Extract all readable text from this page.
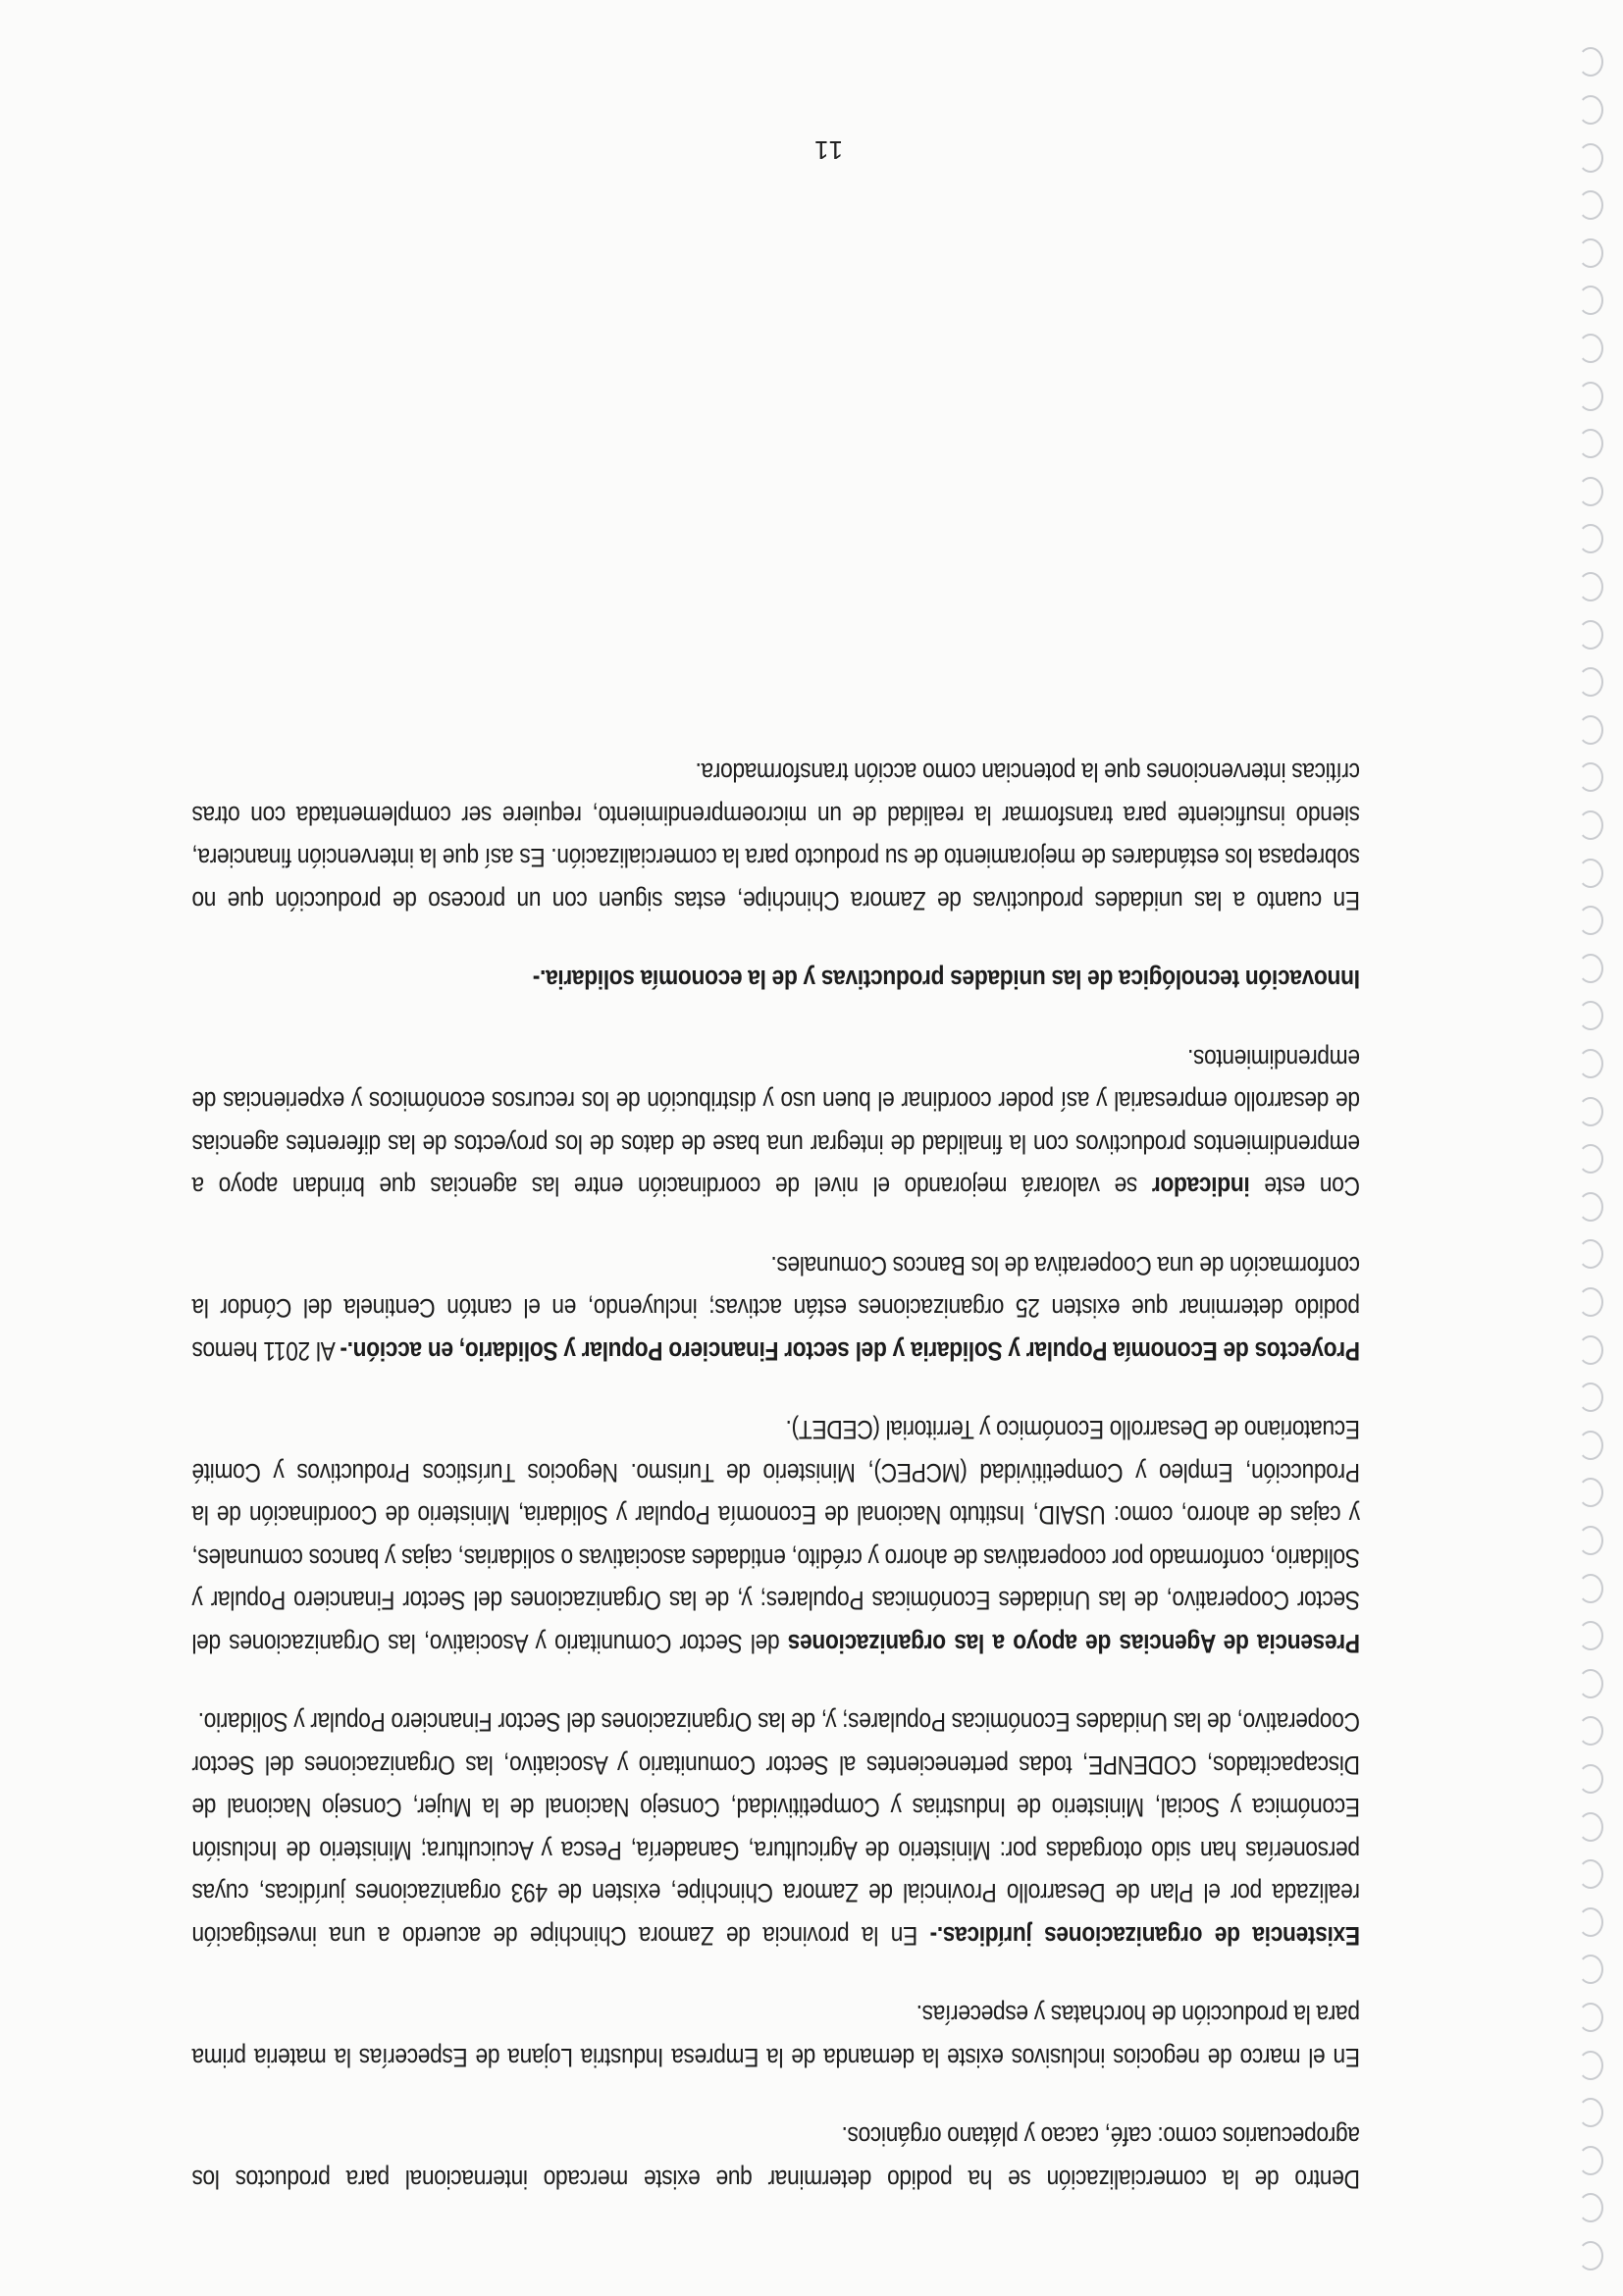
Dentro de la comercialización se ha podido determinar que existe mercado internacional para productos los agropecuarios como: café, cacao y plátano orgánicos.

En el marco de negocios inclusivos existe la demanda de la Empresa Industria Lojana de Especerías la materia prima para la producción de horchatas y especerías.

Existencia de organizaciones jurídicas.- En la provincia de Zamora Chinchipe de acuerdo a una investigación realizada por el Plan de Desarrollo Provincial de Zamora Chinchipe, existen de 493 organizaciones jurídicas, cuyas personerías han sido otorgadas por: Ministerio de Agricultura, Ganadería, Pesca y Acuicultura; Ministerio de Inclusión Económica y Social, Ministerio de Industrias y Competitividad, Consejo Nacional de la Mujer, Consejo Nacional de Discapacitados, CODENPE, todas pertenecientes al Sector Comunitario y Asociativo, las Organizaciones del Sector Cooperativo, de las Unidades Económicas Populares; y, de las Organizaciones del Sector Financiero Popular y Solidario.

Presencia de Agencias de apoyo a las organizaciones del Sector Comunitario y Asociativo, las Organizaciones del Sector Cooperativo, de las Unidades Económicas Populares; y, de las Organizaciones del Sector Financiero Popular y Solidario, conformado por cooperativas de ahorro y crédito, entidades asociativas o solidarias, cajas y bancos comunales, y cajas de ahorro, como: USAID, Instituto Nacional de Economía Popular y Solidaria, Ministerio de Coordinación de la Producción, Empleo y Competitividad (MCPEC), Ministerio de Turismo. Negocios Turísticos Productivos y Comité Ecuatoriano de Desarrollo Económico y Territorial (CEDET).

Proyectos de Economía Popular y Solidaria y del sector Financiero Popular y Solidario, en acción.- Al 2011 hemos podido determinar que existen 25 organizaciones están activas; incluyendo, en el cantón Centinela del Cóndor la conformación de una Cooperativa de los Bancos Comunales.

Con este indicador se valorará mejorando el nivel de coordinación entre las agencias que brindan apoyo a emprendimientos productivos con la finalidad de integrar una base de datos de los proyectos de las diferentes agencias de desarrollo empresarial y así poder coordinar el buen uso y distribución de los recursos económicos y experiencias de emprendimientos.

Innovación tecnológica de las unidades productivas y de la economía solidaria.-

En cuanto a las unidades productivas de Zamora Chinchipe, estas siguen con un proceso de producción que no sobrepasa los estándares de mejoramiento de su producto para la comercialización. Es así que la intervención financiera, siendo insuficiente para transformar la realidad de un microemprendimiento, requiere ser complementada con otras críticas intervenciones que la potencian como acción transformadora.

11
